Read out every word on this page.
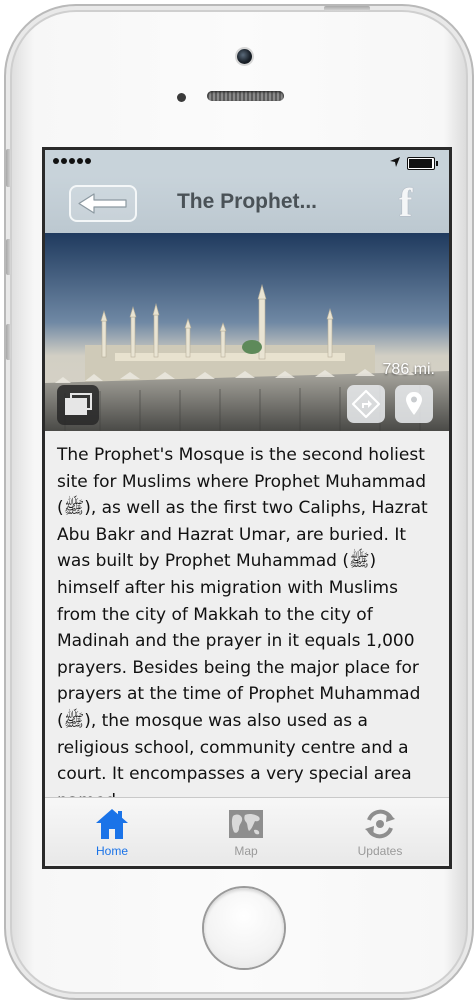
The Prophet...	f
786 mi.

The Prophet's Mosque is the second holiest site for Muslims where Prophet Muhammad (ﷺ), as well as the first two Caliphs, Hazrat Abu Bakr and Hazrat Umar, are buried. It was built by Prophet Muhammad (ﷺ) himself after his migration with Muslims from the city of Makkah to the city of Madinah and the prayer in it equals 1,000 prayers. Besides being the major place for prayers at the time of Prophet Muhammad (ﷺ), the mosque was also used as a religious school, community centre and a court. It encompasses a very special area

Home	Map	Updates
